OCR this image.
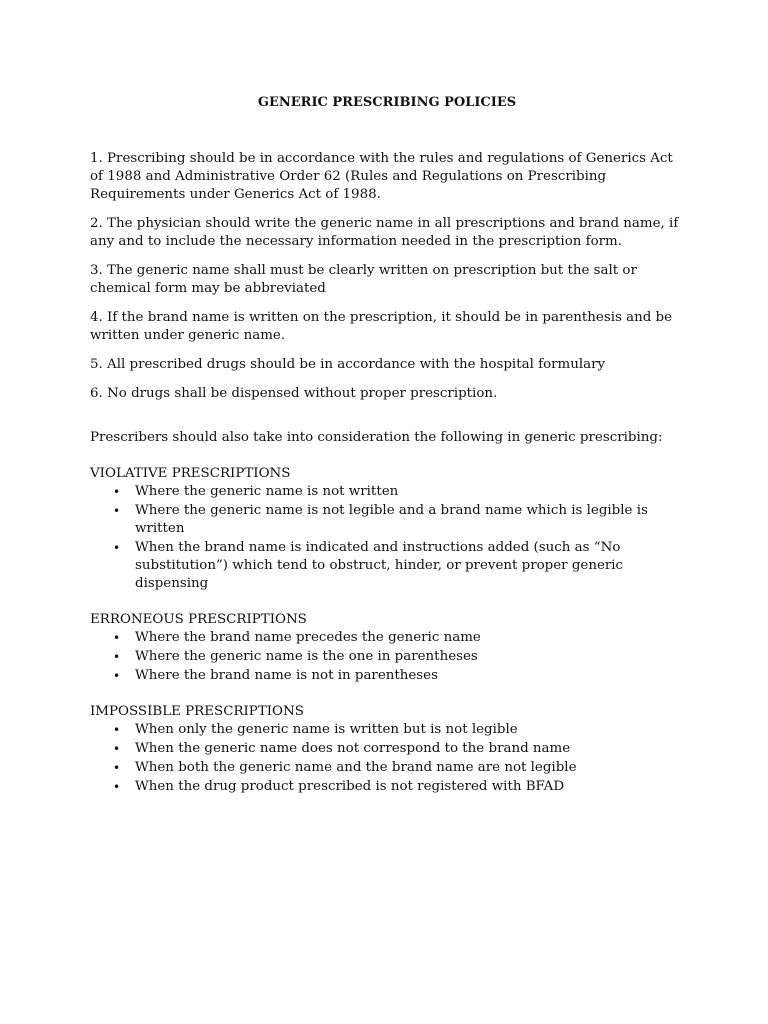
GENERIC PRESCRIBING POLICIES

1. Prescribing should be in accordance with the rules and regulations of Generics Act of 1988 and Administrative Order 62 (Rules and Regulations on Prescribing Requirements under Generics Act of 1988.

2. The physician should write the generic name in all prescriptions and brand name, if any and to include the necessary information needed in the prescription form.

3. The generic name shall must be clearly written on prescription but the salt or chemical form may be abbreviated

4. If the brand name is written on the prescription, it should be in parenthesis and be written under generic name.

5. All prescribed drugs should be in accordance with the hospital formulary

6. No drugs shall be dispensed without proper prescription.

Prescribers should also take into consideration the following in generic prescribing:

VIOLATIVE PRESCRIPTIONS

• Where the generic name is not written
• Where the generic name is not legible and a brand name which is legible is written
• When the brand name is indicated and instructions added (such as “No substitution”) which tend to obstruct, hinder, or prevent proper generic dispensing

ERRONEOUS PRESCRIPTIONS

• Where the brand name precedes the generic name
• Where the generic name is the one in parentheses
• Where the brand name is not in parentheses

IMPOSSIBLE PRESCRIPTIONS

• When only the generic name is written but is not legible
• When the generic name does not correspond to the brand name
• When both the generic name and the brand name are not legible
• When the drug product prescribed is not registered with BFAD
